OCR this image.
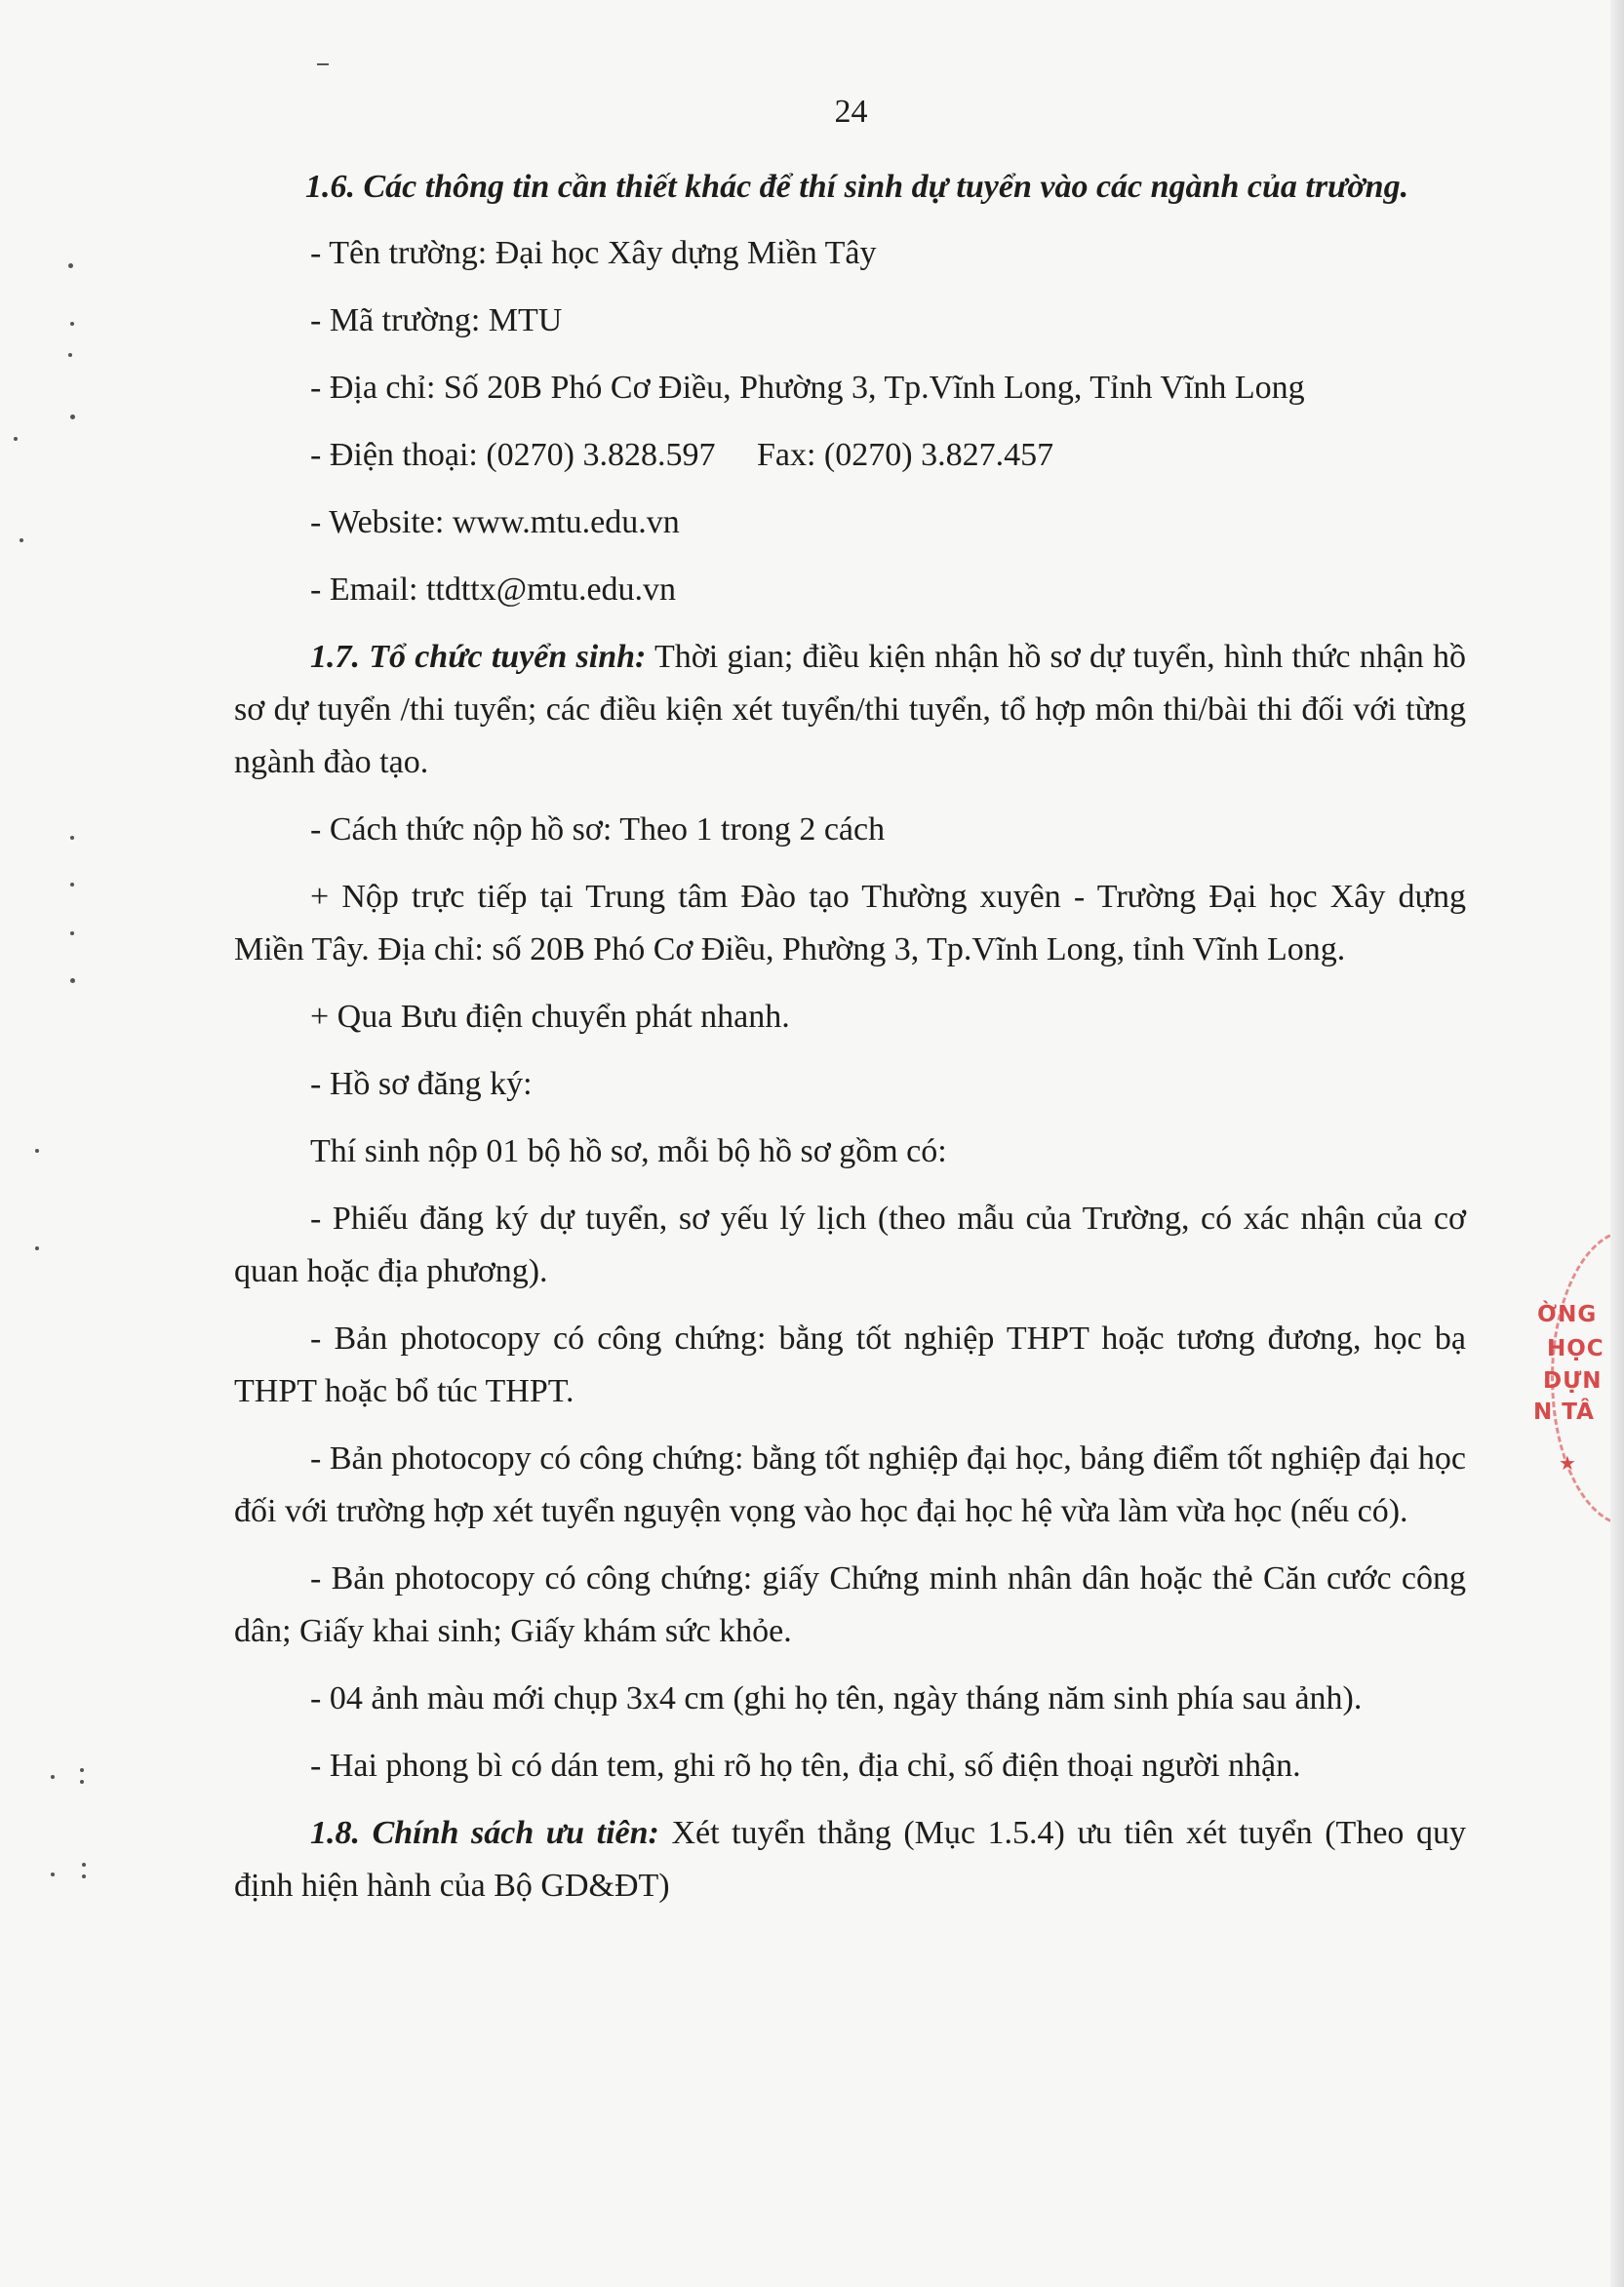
24

1.6. Các thông tin cần thiết khác để thí sinh dự tuyển vào các ngành của trường.

- Tên trường: Đại học Xây dựng Miền Tây

- Mã trường: MTU

- Địa chỉ: Số 20B Phó Cơ Điều, Phường 3, Tp.Vĩnh Long, Tỉnh Vĩnh Long

- Điện thoại: (0270) 3.828.597     Fax: (0270) 3.827.457

- Website: www.mtu.edu.vn

- Email: ttdttx@mtu.edu.vn

1.7. Tổ chức tuyển sinh: Thời gian; điều kiện nhận hồ sơ dự tuyển, hình thức nhận hồ sơ dự tuyển /thi tuyển; các điều kiện xét tuyển/thi tuyển, tổ hợp môn thi/bài thi đối với từng ngành đào tạo.

- Cách thức nộp hồ sơ: Theo 1 trong 2 cách

+ Nộp trực tiếp tại Trung tâm Đào tạo Thường xuyên - Trường Đại học Xây dựng Miền Tây. Địa chỉ: số 20B Phó Cơ Điều, Phường 3, Tp.Vĩnh Long, tỉnh Vĩnh Long.

+ Qua Bưu điện chuyển phát nhanh.

- Hồ sơ đăng ký:

Thí sinh nộp 01 bộ hồ sơ, mỗi bộ hồ sơ gồm có:

- Phiếu đăng ký dự tuyển, sơ yếu lý lịch (theo mẫu của Trường, có xác nhận của cơ quan hoặc địa phương).

- Bản photocopy có công chứng: bằng tốt nghiệp THPT hoặc tương đương, học bạ THPT hoặc bổ túc THPT.

- Bản photocopy có công chứng: bằng tốt nghiệp đại học, bảng điểm tốt nghiệp đại học đối với trường hợp xét tuyển nguyện vọng vào học đại học hệ vừa làm vừa học (nếu có).

- Bản photocopy có công chứng: giấy Chứng minh nhân dân hoặc thẻ Căn cước công dân; Giấy khai sinh; Giấy khám sức khỏe.

- 04 ảnh màu mới chụp 3x4 cm (ghi họ tên, ngày tháng năm sinh phía sau ảnh).

- Hai phong bì có dán tem, ghi rõ họ tên, địa chỉ, số điện thoại người nhận.

1.8. Chính sách ưu tiên: Xét tuyển thẳng (Mục 1.5.4) ưu tiên xét tuyển (Theo quy định hiện hành của Bộ GD&ĐT)

ỜNG
HỌC
DỰN
N TÂ
★
